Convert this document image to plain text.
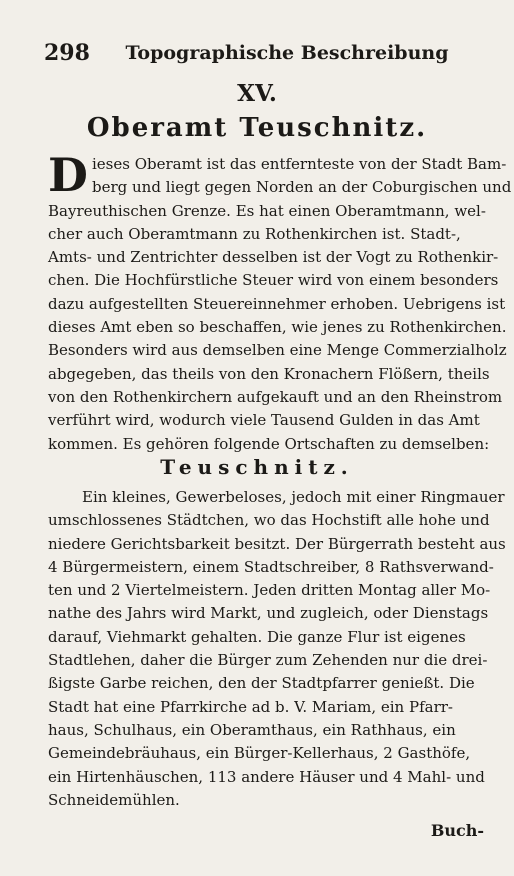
298	Topographische Beschreibung
XV.
Oberamt Teuschnitz.
D ieses Oberamt ist das entfernteste von der Stadt Bam-
berg und liegt gegen Norden an der Coburgischen und
Bayreuthischen Grenze. Es hat einen Oberamtmann, wel-
cher auch Oberamtmann zu Rothenkirchen ist. Stadt-,
Amts- und Zentrichter desselben ist der Vogt zu Rothenkir-
chen. Die Hochfürstliche Steuer wird von einem besonders
dazu aufgestellten Steuereinnehmer erhoben. Uebrigens ist
dieses Amt eben so beschaffen, wie jenes zu Rothenkirchen.
Besonders wird aus demselben eine Menge Commerzialholz
abgegeben, das theils von den Kronachern Flößern, theils
von den Rothenkirchern aufgekauft und an den Rheinstrom
verführt wird, wodurch viele Tausend Gulden in das Amt
kommen. Es gehören folgende Ortschaften zu demselben:
Teuschnitz.
Ein kleines, Gewerbeloses, jedoch mit einer Ringmauer
umschlossenes Städtchen, wo das Hochstift alle hohe und
niedere Gerichtsbarkeit besitzt. Der Bürgerrath besteht aus
4 Bürgermeistern, einem Stadtschreiber, 8 Rathsverwand-
ten und 2 Viertelmeistern. Jeden dritten Montag aller Mo-
nathe des Jahrs wird Markt, und zugleich, oder Dienstags
darauf, Viehmarkt gehalten. Die ganze Flur ist eigenes
Stadtlehen, daher die Bürger zum Zehenden nur die drei-
ßigste Garbe reichen, den der Stadtpfarrer genießt. Die
Stadt hat eine Pfarrkirche ad b. V. Mariam, ein Pfarr-
haus, Schulhaus, ein Oberamthaus, ein Rathhaus, ein
Gemeindebräuhaus, ein Bürger-Kellerhaus, 2 Gasthöfe,
ein Hirtenhäuschen, 113 andere Häuser und 4 Mahl- und
Schneidemühlen.
Buch-
